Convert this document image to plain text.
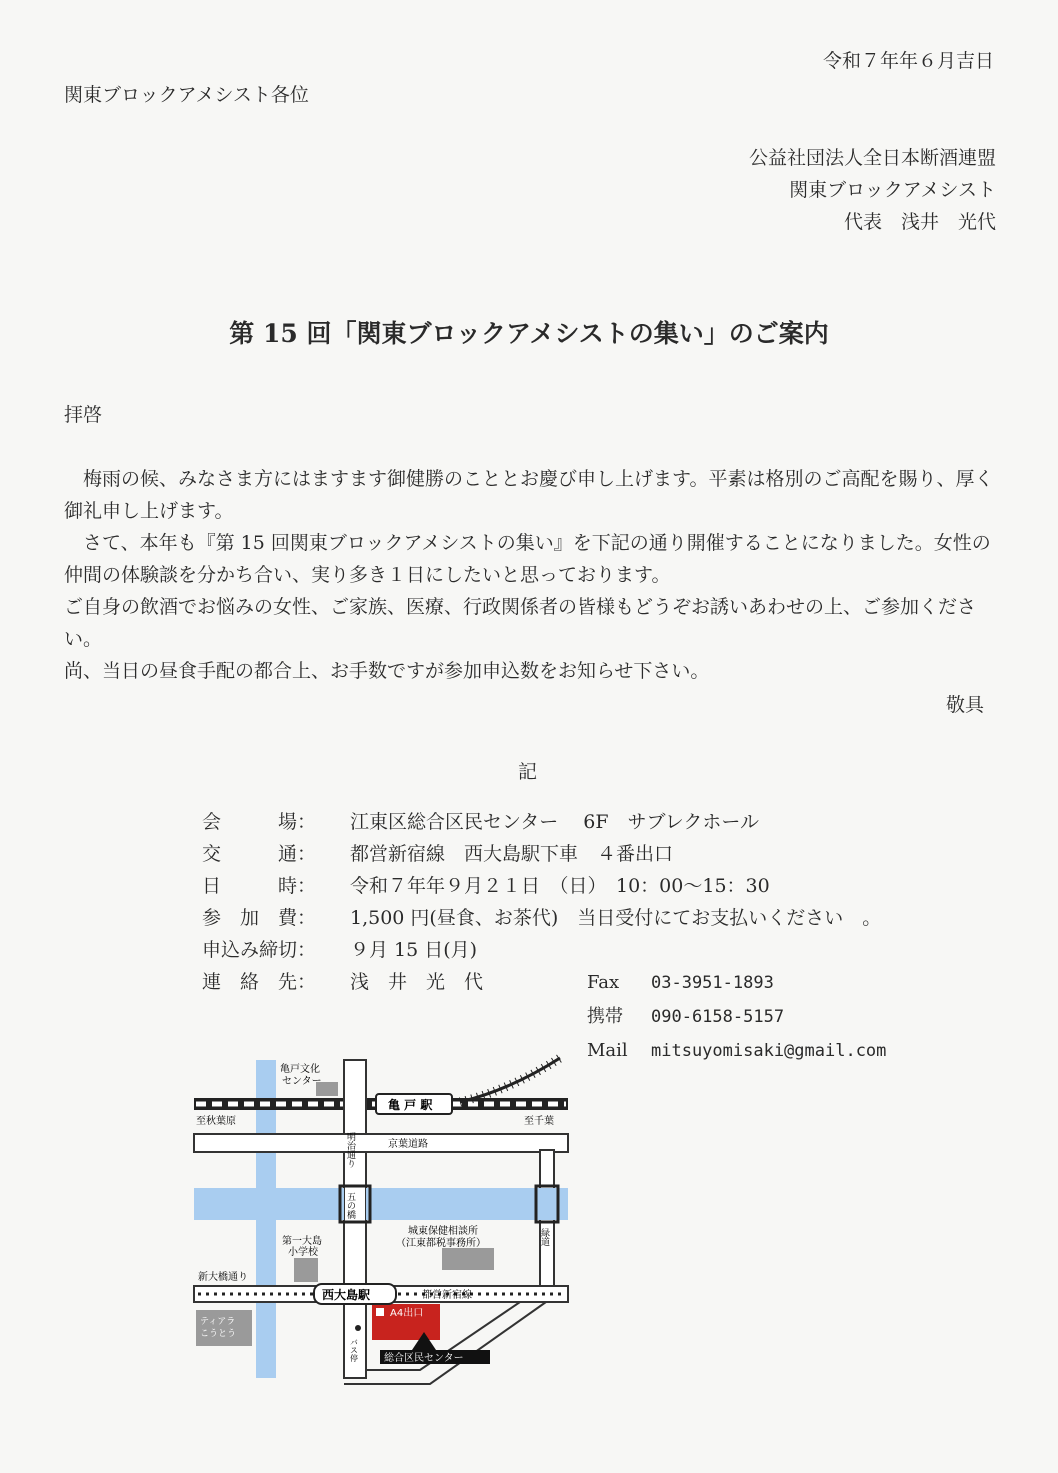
令和７年年６月吉日
関東ブロックアメシスト各位
公益社団法人全日本断酒連盟
関東ブロックアメシスト
代表　浅井　光代
第 15 回「関東ブロックアメシストの集い」のご案内
拝啓

　梅雨の候、みなさま方にはますます御健勝のこととお慶び申し上げます。平素は格別のご高配を賜り、厚く御礼申し上げます。

　さて、本年も『第 15 回関東ブロックアメシストの集い』を下記の通り開催することになりました。女性の仲間の体験談を分かち合い、実り多き１日にしたいと思っております。

ご自身の飲酒でお悩みの女性、ご家族、医療、行政関係者の皆様もどうぞお誘いあわせの上、ご参加ください。

尚、当日の昼食手配の都合上、お手数ですが参加申込数をお知らせ下さい。

敬具
記
会　　　場：	江東区総合区民センター　 6F　サブレクホール
交　　　通：	都営新宿線　西大島駅下車　４番出口
日　　　時：	令和７年年９月２１日　（日）　10：00～15：30
参　加　費：	1,500 円(昼食、お茶代)　当日受付にてお支払いください　。
申込み締切：	９月 15 日(月)
連　絡　先：	浅　井　光　代	Fax 03-3951-1893
携帯 090-6158-5157
Mail mitsuyomisaki@gmail.com
亀戸文化
センター
亀 戸 駅
至秋葉原	至千葉
明治通り	京葉道路
五の橋
城東保健相談所
（江東都税事務所）
第一大島
小学校
緑道
新大橋通り
西大島駅	都営新宿線
ティアラ
こうとう
A4出口
バス停	総合区民センター
